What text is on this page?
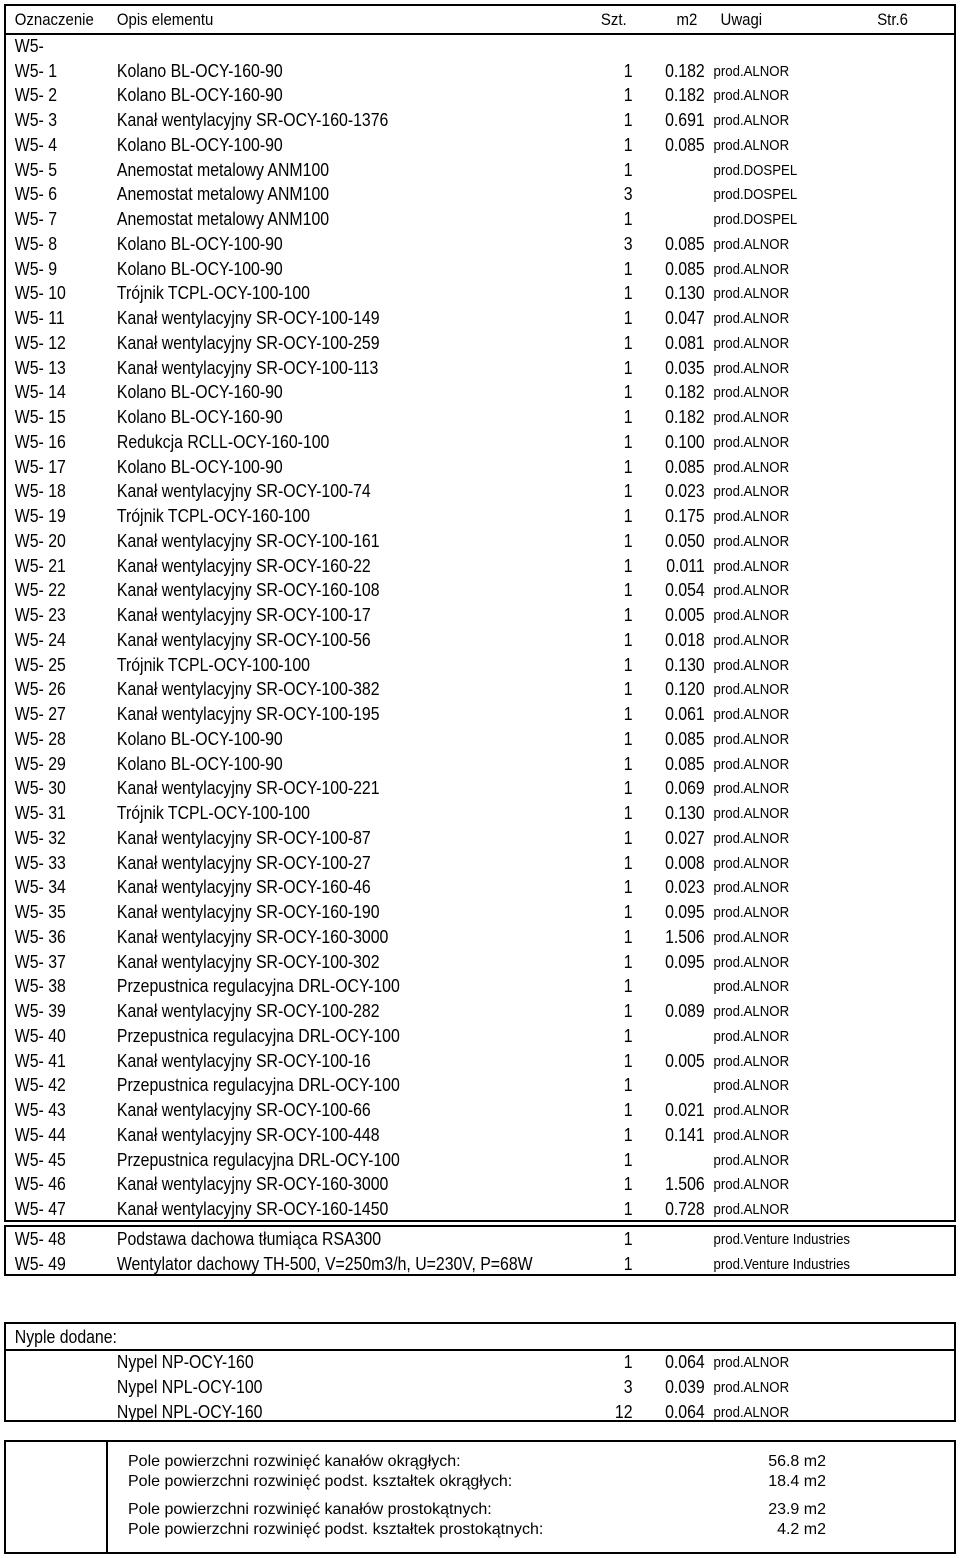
Oznaczenie Opis elementu	Szt.	m2 Uwagi	Str.6
W5-
W5- 1	Kolano BL-OCY-160-90	1	0.182 prod.ALNOR
W5- 2	Kolano BL-OCY-160-90	1	0.182 prod.ALNOR
W5- 3	Kanał wentylacyjny SR-OCY-160-1376	1	0.691 prod.ALNOR
W5- 4	Kolano BL-OCY-100-90	1	0.085 prod.ALNOR
W5- 5	Anemostat metalowy ANM100	1	prod.DOSPEL
W5- 6	Anemostat metalowy ANM100	3	prod.DOSPEL
W5- 7	Anemostat metalowy ANM100	1	prod.DOSPEL
W5- 8	Kolano BL-OCY-100-90	3	0.085 prod.ALNOR
W5- 9	Kolano BL-OCY-100-90	1	0.085 prod.ALNOR
W5- 10	Trójnik TCPL-OCY-100-100	1	0.130 prod.ALNOR
W5- 11	Kanał wentylacyjny SR-OCY-100-149	1	0.047 prod.ALNOR
W5- 12	Kanał wentylacyjny SR-OCY-100-259	1	0.081 prod.ALNOR
W5- 13	Kanał wentylacyjny SR-OCY-100-113	1	0.035 prod.ALNOR
W5- 14	Kolano BL-OCY-160-90	1	0.182 prod.ALNOR
W5- 15	Kolano BL-OCY-160-90	1	0.182 prod.ALNOR
W5- 16	Redukcja RCLL-OCY-160-100	1	0.100 prod.ALNOR
W5- 17	Kolano BL-OCY-100-90	1	0.085 prod.ALNOR
W5- 18	Kanał wentylacyjny SR-OCY-100-74	1	0.023 prod.ALNOR
W5- 19	Trójnik TCPL-OCY-160-100	1	0.175 prod.ALNOR
W5- 20	Kanał wentylacyjny SR-OCY-100-161	1	0.050 prod.ALNOR
W5- 21	Kanał wentylacyjny SR-OCY-160-22	1	0.011 prod.ALNOR
W5- 22	Kanał wentylacyjny SR-OCY-160-108	1	0.054 prod.ALNOR
W5- 23	Kanał wentylacyjny SR-OCY-100-17	1	0.005 prod.ALNOR
W5- 24	Kanał wentylacyjny SR-OCY-100-56	1	0.018 prod.ALNOR
W5- 25	Trójnik TCPL-OCY-100-100	1	0.130 prod.ALNOR
W5- 26	Kanał wentylacyjny SR-OCY-100-382	1	0.120 prod.ALNOR
W5- 27	Kanał wentylacyjny SR-OCY-100-195	1	0.061 prod.ALNOR
W5- 28	Kolano BL-OCY-100-90	1	0.085 prod.ALNOR
W5- 29	Kolano BL-OCY-100-90	1	0.085 prod.ALNOR
W5- 30	Kanał wentylacyjny SR-OCY-100-221	1	0.069 prod.ALNOR
W5- 31	Trójnik TCPL-OCY-100-100	1	0.130 prod.ALNOR
W5- 32	Kanał wentylacyjny SR-OCY-100-87	1	0.027 prod.ALNOR
W5- 33	Kanał wentylacyjny SR-OCY-100-27	1	0.008 prod.ALNOR
W5- 34	Kanał wentylacyjny SR-OCY-160-46	1	0.023 prod.ALNOR
W5- 35	Kanał wentylacyjny SR-OCY-160-190	1	0.095 prod.ALNOR
W5- 36	Kanał wentylacyjny SR-OCY-160-3000	1	1.506 prod.ALNOR
W5- 37	Kanał wentylacyjny SR-OCY-100-302	1	0.095 prod.ALNOR
W5- 38	Przepustnica regulacyjna DRL-OCY-100	1	prod.ALNOR
W5- 39	Kanał wentylacyjny SR-OCY-100-282	1	0.089 prod.ALNOR
W5- 40	Przepustnica regulacyjna DRL-OCY-100	1	prod.ALNOR
W5- 41	Kanał wentylacyjny SR-OCY-100-16	1	0.005 prod.ALNOR
W5- 42	Przepustnica regulacyjna DRL-OCY-100	1	prod.ALNOR
W5- 43	Kanał wentylacyjny SR-OCY-100-66	1	0.021 prod.ALNOR
W5- 44	Kanał wentylacyjny SR-OCY-100-448	1	0.141 prod.ALNOR
W5- 45	Przepustnica regulacyjna DRL-OCY-100	1	prod.ALNOR
W5- 46	Kanał wentylacyjny SR-OCY-160-3000	1	1.506 prod.ALNOR
W5- 47	Kanał wentylacyjny SR-OCY-160-1450	1	0.728 prod.ALNOR
W5- 48	Podstawa dachowa tłumiąca RSA300	1	prod.Venture Industries
W5- 49	Wentylator dachowy TH-500, V=250m3/h, U=230V, P=68W	1	prod.Venture Industries
Nyple dodane:
Nypel NP-OCY-160	1	0.064 prod.ALNOR
Nypel NPL-OCY-100	3	0.039 prod.ALNOR
Nypel NPL-OCY-160	12	0.064 prod.ALNOR
Pole powierzchni rozwinięć kanałów okrągłych:	56.8 m2
Pole powierzchni rozwinięć podst. kształtek okrągłych:	18.4 m2
Pole powierzchni rozwinięć kanałów prostokątnych:	23.9 m2
Pole powierzchni rozwinięć podst. kształtek prostokątnych:	4.2 m2
